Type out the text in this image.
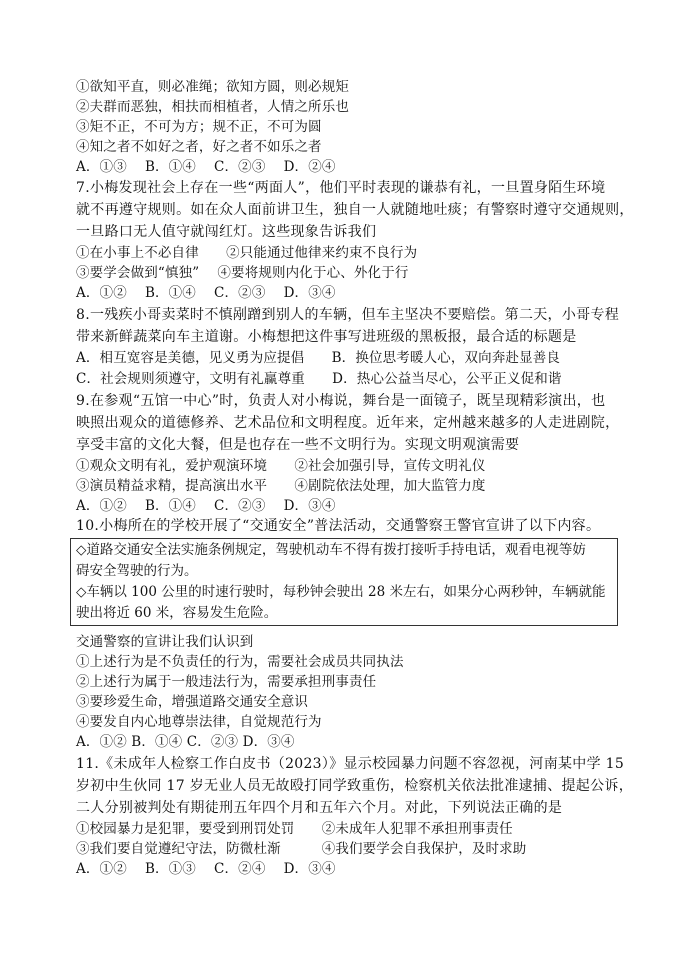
①欲知平直，则必准绳；欲知方圆，则必规矩
②夫群而恶独，相扶而相植者，人情之所乐也
③矩不正，不可为方；规不正，不可为圆
④知之者不如好之者，好之者不如乐之者
A．①③　 B．①④　 C．②③　 D．②④
7.小梅发现社会上存在一些“两面人”，他们平时表现的谦恭有礼，一旦置身陌生环境
就不再遵守规则。如在众人面前讲卫生，独自一人就随地吐痰；有警察时遵守交通规则，
一旦路口无人值守就闯红灯。这些现象告诉我们
①在小事上不必自律　　②只能通过他律来约束不良行为
③要学会做到“慎独”　 ④要将规则内化于心、外化于行
A．①②　 B．①④　 C．②③　 D．③④
8.一残疾小哥卖菜时不慎剐蹭到别人的车辆，但车主坚决不要赔偿。第二天，小哥专程
带来新鲜蔬菜向车主道谢。小梅想把这件事写进班级的黑板报，最合适的标题是
A．相互宽容是美德，见义勇为应提倡　　B．换位思考暖人心，双向奔赴显善良
C．社会规则须遵守，文明有礼赢尊重　　D．热心公益当尽心，公平正义促和谐
9.在参观“五馆一中心”时，负责人对小梅说，舞台是一面镜子，既呈现精彩演出，也
映照出观众的道德修养、艺术品位和文明程度。近年来，定州越来越多的人走进剧院，
享受丰富的文化大餐，但是也存在一些不文明行为。实现文明观演需要
①观众文明有礼，爱护观演环境　　②社会加强引导，宣传文明礼仪
③演员精益求精，提高演出水平　　④剧院依法处理，加大监管力度
A．①②　 B．①④　 C．②③　 D．③④
10.小梅所在的学校开展了“交通安全”普法活动，交通警察王警官宣讲了以下内容。
◇道路交通安全法实施条例规定，驾驶机动车不得有拨打接听手持电话，观看电视等妨
碍安全驾驶的行为。
◇车辆以 100 公里的时速行驶时，每秒钟会驶出 28 米左右，如果分心两秒钟，车辆就能
驶出将近 60 米，容易发生危险。
交通警察的宣讲让我们认识到
①上述行为是不负责任的行为，需要社会成员共同执法
②上述行为属于一般违法行为，需要承担刑事责任
③要珍爱生命，增强道路交通安全意识
④要发自内心地尊崇法律，自觉规范行为
A．①② B．①④ C．②③ D．③④
11.《未成年人检察工作白皮书（2023）》显示校园暴力问题不容忽视，河南某中学 15
岁初中生伙同 17 岁无业人员无故殴打同学致重伤，检察机关依法批准逮捕、提起公诉，
二人分别被判处有期徒刑五年四个月和五年六个月。对此，下列说法正确的是
①校园暴力是犯罪，要受到刑罚处罚　　②未成年人犯罪不承担刑事责任
③我们要自觉遵纪守法，防微杜渐　　　④我们要学会自我保护，及时求助
A．①②　 B．①③　 C．②④　 D．③④
